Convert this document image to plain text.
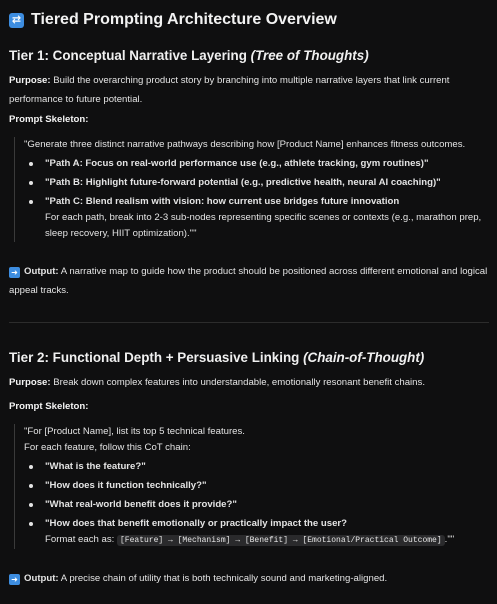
⇄ Tiered Prompting Architecture Overview
Tier 1: Conceptual Narrative Layering (Tree of Thoughts)
Purpose: Build the overarching product story by branching into multiple narrative layers that link current performance to future potential.
Prompt Skeleton:
"Generate three distinct narrative pathways describing how [Product Name] enhances fitness outcomes.
"Path A: Focus on real-world performance use (e.g., athlete tracking, gym routines)"
"Path B: Highlight future-forward potential (e.g., predictive health, neural AI coaching)"
"Path C: Blend realism with vision: how current use bridges future innovation
For each path, break into 2-3 sub-nodes representing specific scenes or contexts (e.g., marathon prep, sleep recovery, HIIT optimization).""
➜ Output: A narrative map to guide how the product should be positioned across different emotional and logical appeal tracks.
Tier 2: Functional Depth + Persuasive Linking (Chain-of-Thought)
Purpose: Break down complex features into understandable, emotionally resonant benefit chains.
Prompt Skeleton:
"For [Product Name], list its top 5 technical features.
For each feature, follow this CoT chain:
"What is the feature?"
"How does it function technically?"
"What real-world benefit does it provide?"
"How does that benefit emotionally or practically impact the user?
Format each as: [Feature] → [Mechanism] → [Benefit] → [Emotional/Practical Outcome] .""
➜ Output: A precise chain of utility that is both technically sound and marketing-aligned.
